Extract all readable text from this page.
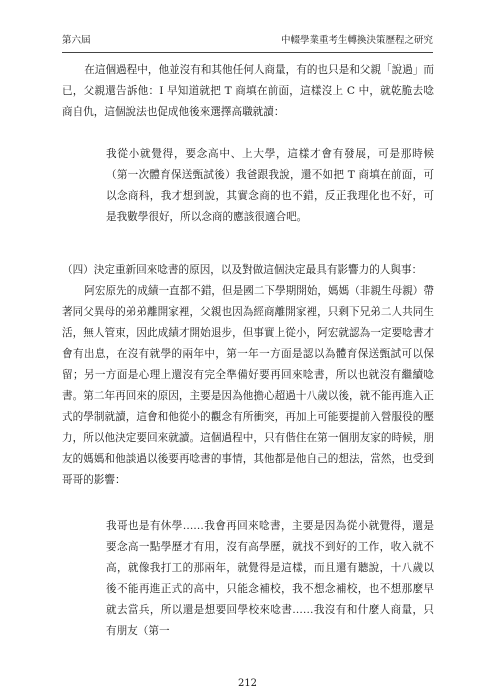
第六屆	中輟學業重考生轉換決策歷程之研究

在這個過程中，他並沒有和其他任何人商量，有的也只是和父親「說過」而已，父親還告訴他：I 早知道就把 T 商填在前面，這樣沒上 C 中，就乾脆去唸商自仇，這個說法也促成他後來選擇高職就讀：

我從小就覺得，要念高中、上大學，這樣才會有發展，可是那時候（第一次體育保送甄試後）我爸跟我說，還不如把 T 商填在前面，可以念商科，我才想到說，其實念商的也不錯，反正我理化也不好，可是我數學很好，所以念商的應該很適合吧。

（四）決定重新回來唸書的原因，以及對做這個決定最具有影響力的人與事：

阿宏原先的成績一直都不錯，但是國二下學期開始，媽媽（非親生母親）帶著同父異母的弟弟離開家裡，父親也因為經商離開家裡，只剩下兄弟二人共同生活，無人管束，因此成績才開始退步，但事實上從小，阿宏就認為一定要唸書才會有出息，在沒有就學的兩年中，第一年一方面是認以為體育保送甄試可以保留；另一方面是心理上還沒有完全準備好要再回來唸書，所以也就沒有繼續唸書。第二年再回來的原因，主要是因為他擔心超過十八歲以後，就不能再進入正式的學制就讀，這會和他從小的觀念有所衝突，再加上可能要提前入營服役的壓力，所以他決定要回來就讀。這個過程中，只有偕住在第一個朋友家的時候，朋友的媽媽和他談過以後要再唸書的事情，其他都是他自己的想法，當然，也受到哥哥的影響：

我哥也是有休學……我會再回來唸書，主要是因為從小就覺得，還是要念高一點學歷才有用，沒有高學歷，就找不到好的工作，收入就不高，就像我打工的那兩年，就覺得是這樣，而且還有聽說，十八歲以後不能再進正式的高中，只能念補校，我不想念補校，也不想那麼早就去當兵，所以還是想要回學校來唸書……我沒有和什麼人商量，只有朋友（第一

212
